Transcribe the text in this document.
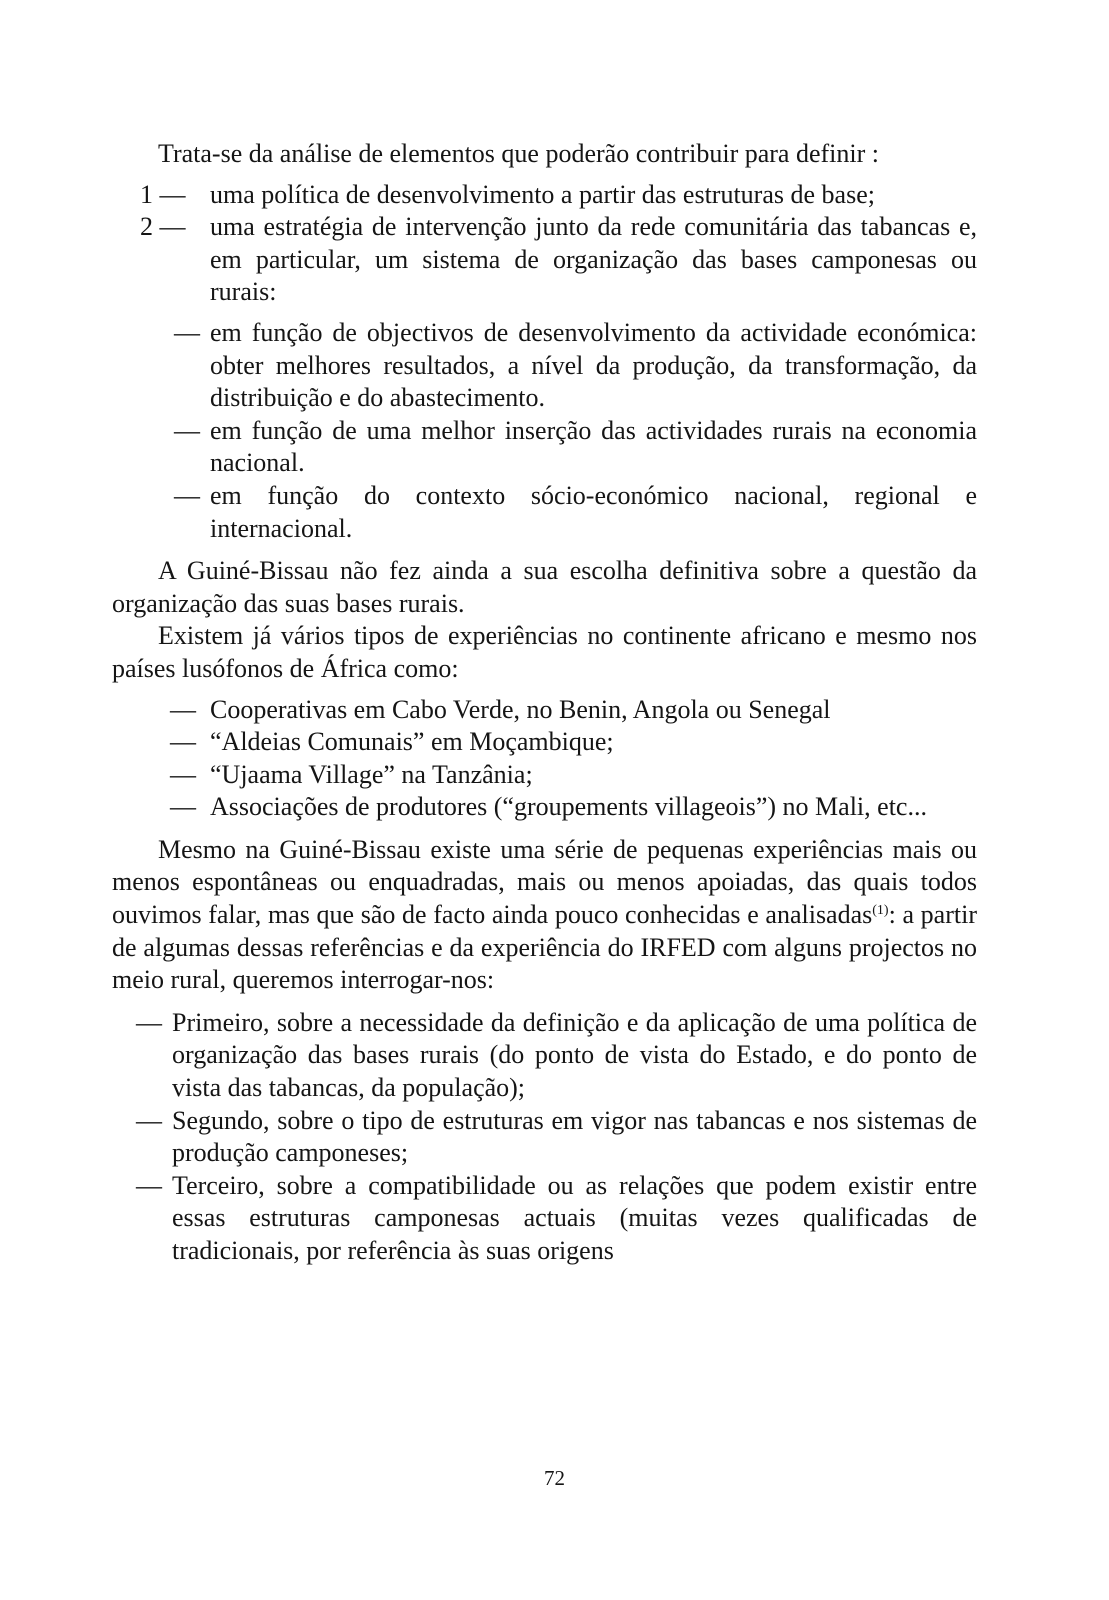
Trata-se da análise de elementos que poderão contribuir para definir :

1 — uma política de desenvolvimento a partir das estruturas de base;
2 — uma estratégia de intervenção junto da rede comunitária das tabancas e, em particular, um sistema de organização das bases camponesas ou rurais:
— em função de objectivos de desenvolvimento da actividade económica: obter melhores resultados, a nível da produção, da transformação, da distribuição e do abastecimento.
— em função de uma melhor inserção das actividades rurais na economia nacional.
— em função do contexto sócio-económico nacional, regional e internacional.

A Guiné-Bissau não fez ainda a sua escolha definitiva sobre a questão da organização das suas bases rurais.

Existem já vários tipos de experiências no continente africano e mesmo nos países lusófonos de África como:

— Cooperativas em Cabo Verde, no Benin, Angola ou Senegal
— “Aldeias Comunais” em Moçambique;
— “Ujaama Village” na Tanzânia;
— Associações de produtores (“groupements villageois”) no Mali, etc...

Mesmo na Guiné-Bissau existe uma série de pequenas experiências mais ou menos espontâneas ou enquadradas, mais ou menos apoiadas, das quais todos ouvimos falar, mas que são de facto ainda pouco conhecidas e analisadas$^{(1)}$: a partir de algumas dessas referências e da experiência do IRFED com alguns projectos no meio rural, queremos interrogar-nos:

— Primeiro, sobre a necessidade da definição e da aplicação de uma política de organização das bases rurais (do ponto de vista do Estado, e do ponto de vista das tabancas, da população);
— Segundo, sobre o tipo de estruturas em vigor nas tabancas e nos sistemas de produção camponeses;
— Terceiro, sobre a compatibilidade ou as relações que podem existir entre essas estruturas camponesas actuais (muitas vezes qualificadas de tradicionais, por referência às suas origens
72
